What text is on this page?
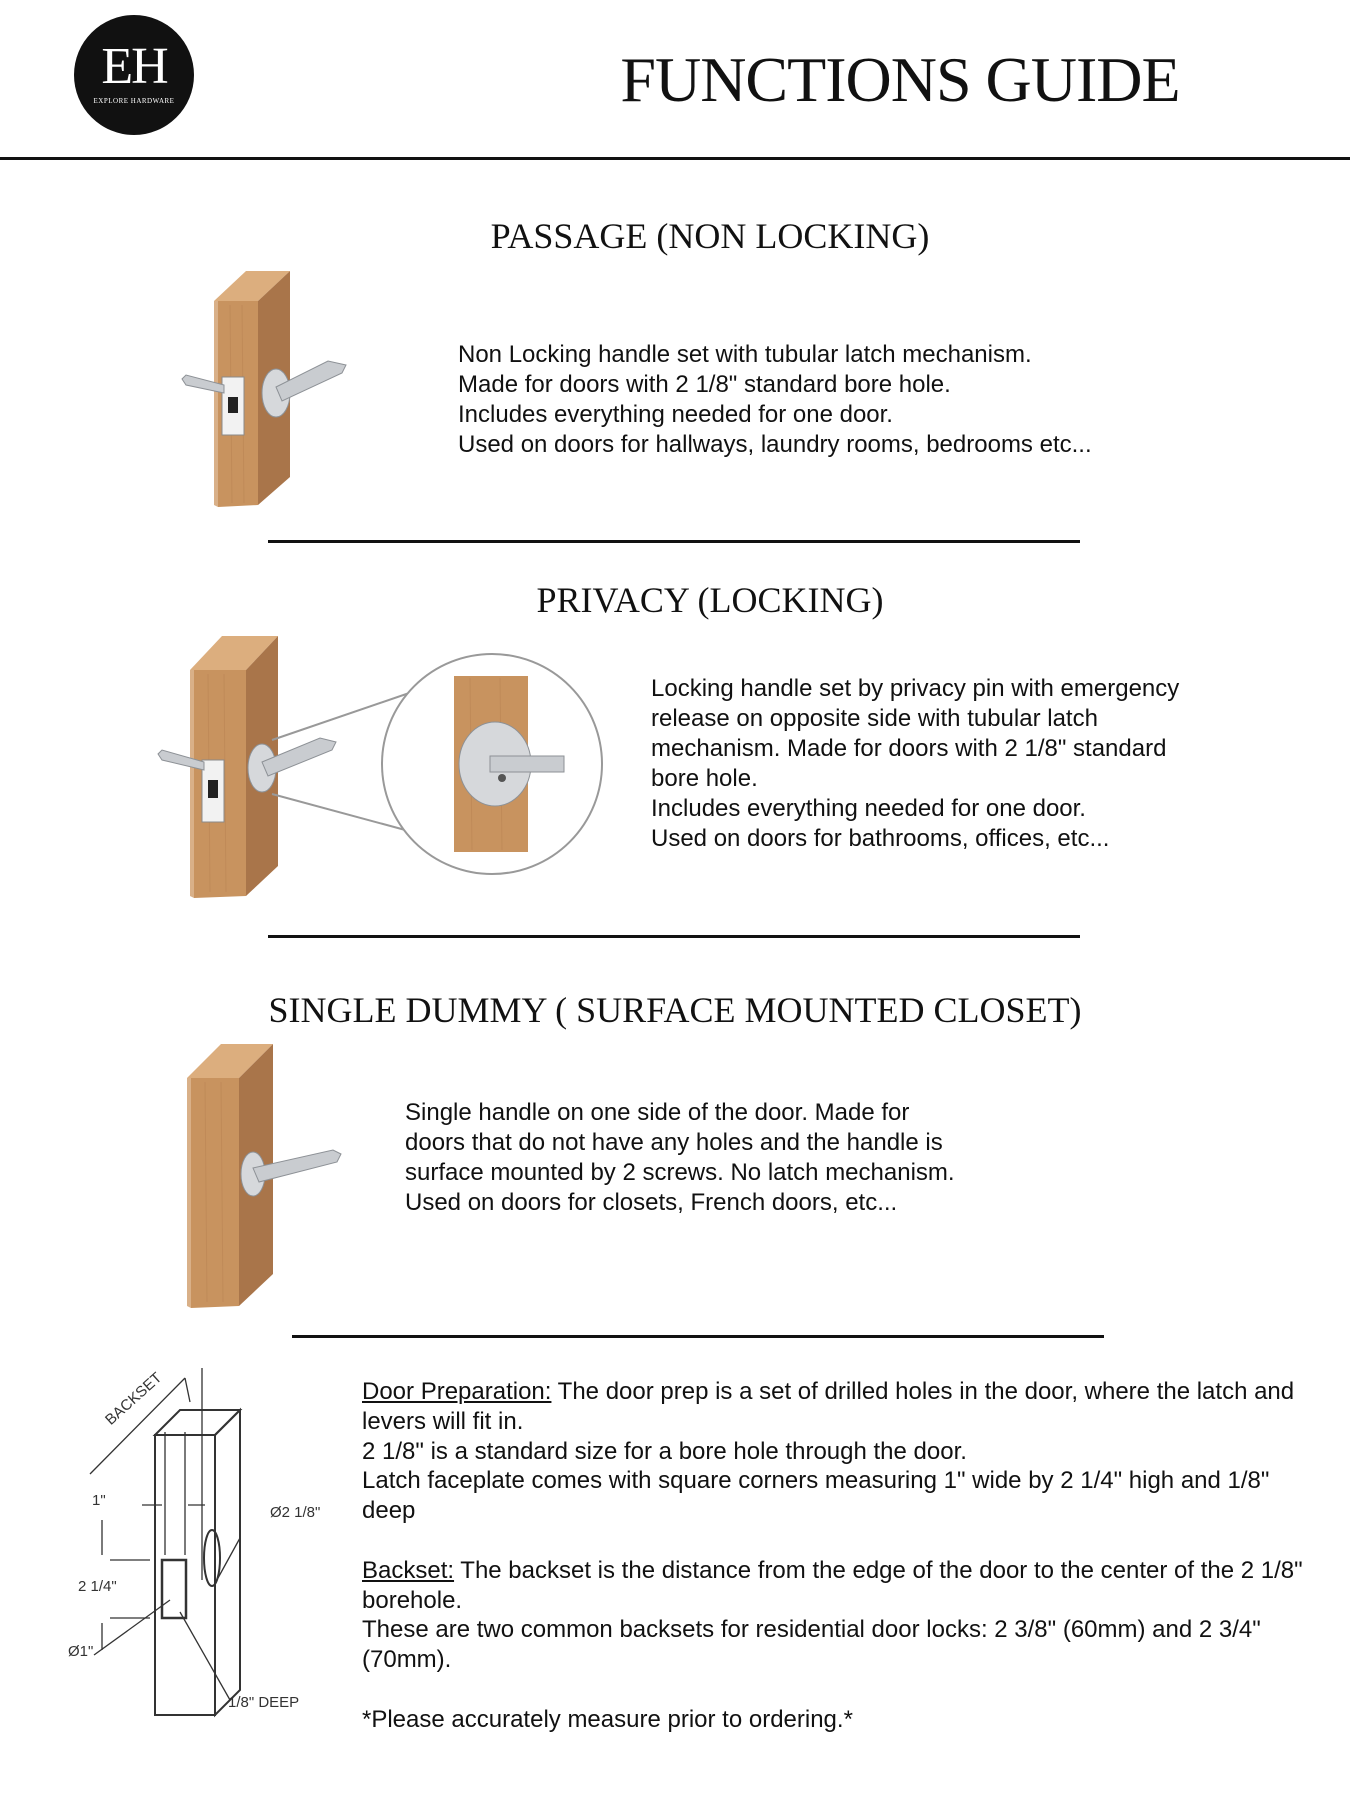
EH
EXPLORE HARDWARE	FUNCTIONS GUIDE
PASSAGE (NON LOCKING)
Non Locking handle set with tubular latch mechanism.
Made for doors with 2 1/8" standard bore hole.
Includes everything needed for one door.
Used on doors for hallways, laundry rooms, bedrooms etc...
PRIVACY (LOCKING)
Locking handle set by privacy pin with emergency
release on opposite side with tubular latch
mechanism. Made for doors with 2 1/8" standard
bore hole.
Includes everything needed for one door.
Used on doors for bathrooms, offices, etc...
SINGLE DUMMY ( SURFACE MOUNTED CLOSET)
Single handle on one side of the door. Made for
doors that do not have any holes and the handle is
surface mounted by 2 screws. No latch mechanism.
Used on doors for closets, French doors, etc...
BACKSET
1"
Ø2 1/8"
2 1/4"
Ø1"
1/8" DEEP

Door Preparation: The door prep is a set of drilled holes in the door, where the latch and levers will fit in.
2 1/8" is a standard size for a bore hole through the door.
Latch faceplate comes with square corners measuring 1" wide by 2 1/4" high and 1/8" deep

Backset: The backset is the distance from the edge of the door to the center of the 2 1/8" borehole.
These are two common backsets for residential door locks: 2 3/8" (60mm) and 2 3/4" (70mm).

*Please accurately measure prior to ordering.*
